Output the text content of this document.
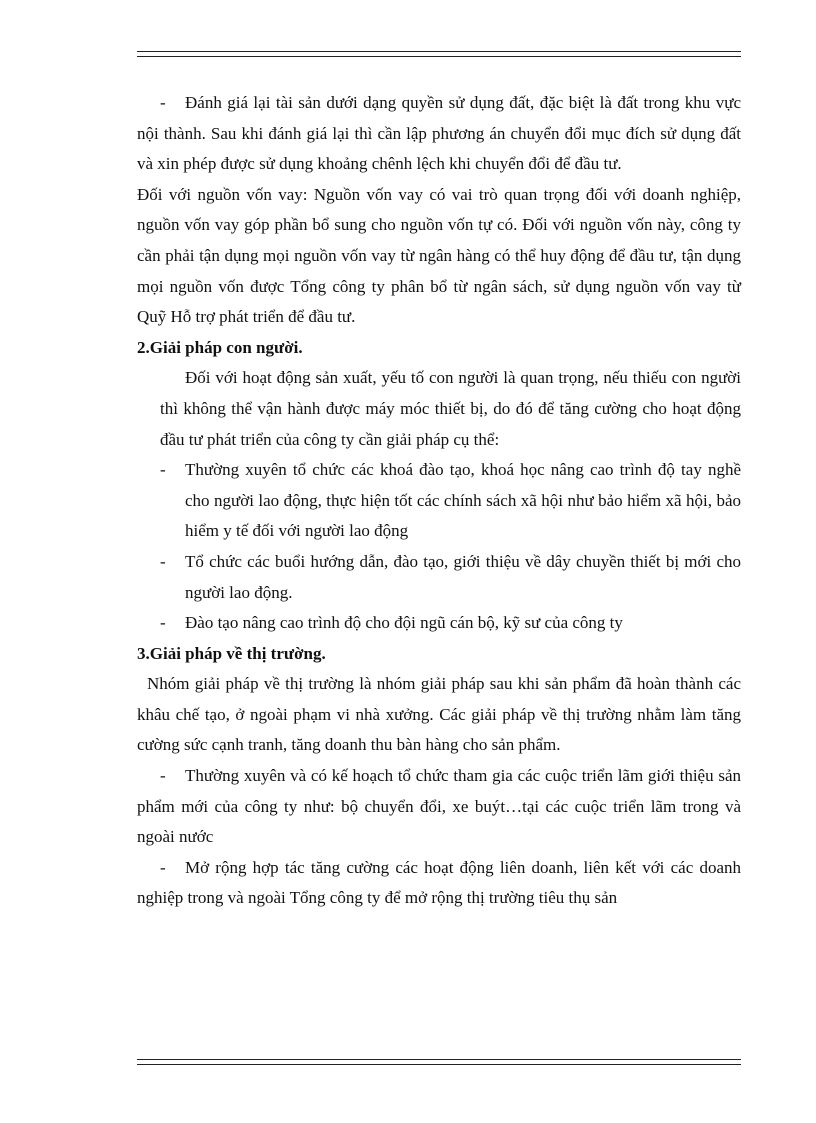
- Đánh giá lại tài sản dưới dạng quyền sử dụng đất, đặc biệt là đất trong khu vực nội thành. Sau khi đánh giá lại thì cần lập phương án chuyển đổi mục đích sử dụng đất và xin phép được sử dụng khoảng chênh lệch khi chuyển đổi để đầu tư.

Đối với nguồn vốn vay: Nguồn vốn vay có vai trò quan trọng đối với doanh nghiệp, nguồn vốn vay góp phần bổ sung cho nguồn vốn tự có. Đối với nguồn vốn này, công ty cần phải tận dụng mọi nguồn vốn vay từ ngân hàng có thể huy động để đầu tư, tận dụng mọi nguồn vốn được Tổng công ty phân bổ từ ngân sách, sử dụng nguồn vốn vay từ Quỹ Hỗ trợ phát triển để đầu tư.

2.Giải pháp con người.

Đối với hoạt động sản xuất, yếu tố con người là quan trọng, nếu thiếu con người thì không thể vận hành được máy móc thiết bị, do đó để tăng cường cho hoạt động đầu tư phát triển của công ty cần giải pháp cụ thể:

- Thường xuyên tổ chức các khoá đào tạo, khoá học nâng cao trình độ tay nghề cho người lao động, thực hiện tốt các chính sách xã hội như bảo hiểm xã hội, bảo hiểm y tế đối với người lao động

- Tổ chức các buổi hướng dẫn, đào tạo, giới thiệu về dây chuyền thiết bị mới cho người lao động.

- Đào tạo nâng cao trình độ cho đội ngũ cán bộ, kỹ sư của công ty

3.Giải pháp về thị trường.

Nhóm giải pháp về thị trường là nhóm giải pháp sau khi sản phẩm đã hoàn thành các khâu chế tạo, ở ngoài phạm vi nhà xưởng. Các giải pháp về thị trường nhằm làm tăng cường sức cạnh tranh, tăng doanh thu bàn hàng cho sản phẩm.

- Thường xuyên và có kế hoạch tổ chức tham gia các cuộc triển lãm giới thiệu sản phẩm mới của công ty như: bộ chuyển đổi, xe buýt…tại các cuộc triển lãm trong và ngoài nước

- Mở rộng hợp tác tăng cường các hoạt động liên doanh, liên kết với các doanh nghiệp trong và ngoài Tổng công ty để mở rộng thị trường tiêu thụ sản
